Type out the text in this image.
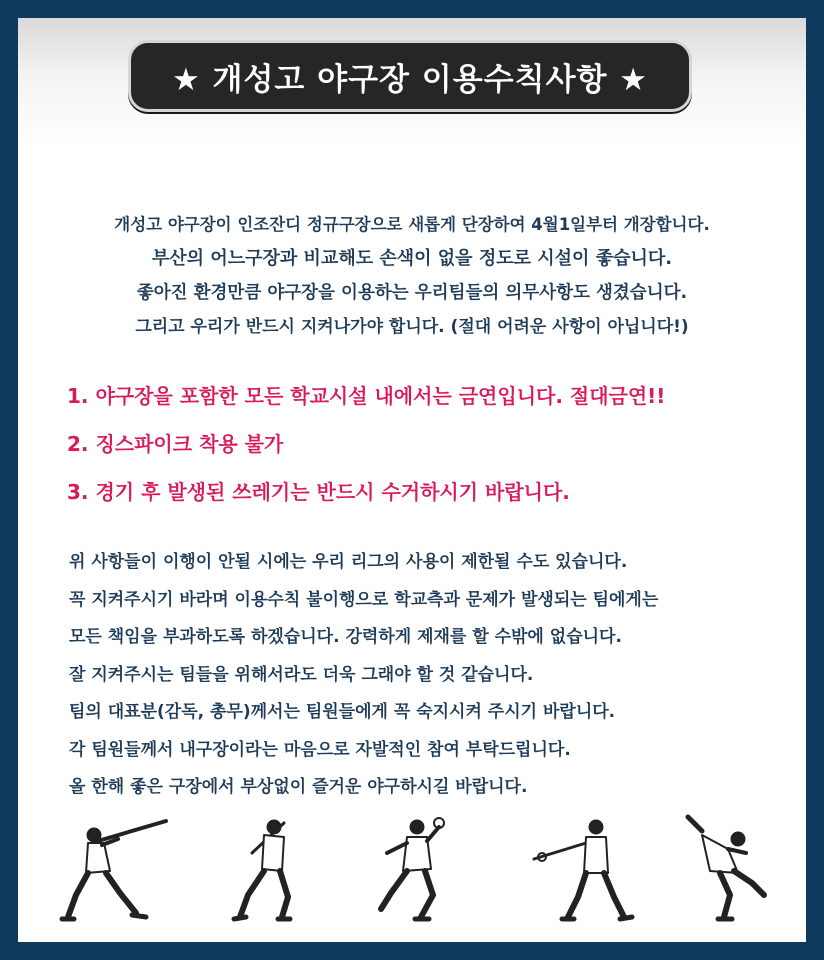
★ 개성고 야구장 이용수칙사항 ★
개성고 야구장이 인조잔디 정규구장으로 새롭게 단장하여 4월1일부터 개장합니다.
부산의 어느구장과 비교해도 손색이 없을 정도로 시설이 좋습니다.
좋아진 환경만큼 야구장을 이용하는 우리팀들의 의무사항도 생겼습니다.
그리고 우리가 반드시 지켜나가야 합니다. (절대 어려운 사항이 아닙니다!)
1. 야구장을 포함한 모든 학교시설 내에서는 금연입니다. 절대금연!!
2. 징스파이크 착용 불가
3. 경기 후 발생된 쓰레기는 반드시 수거하시기 바랍니다.
위 사항들이 이행이 안될 시에는 우리 리그의 사용이 제한될 수도 있습니다.
꼭 지켜주시기 바라며 이용수칙 불이행으로 학교측과 문제가 발생되는 팀에게는
모든 책임을 부과하도록 하겠습니다. 강력하게 제재를 할 수밖에 없습니다.
잘 지켜주시는 팀들을 위해서라도 더욱 그래야 할 것 같습니다.
팀의 대표분(감독, 총무)께서는 팀원들에게 꼭 숙지시켜 주시기 바랍니다.
각 팀원들께서 내구장이라는 마음으로 자발적인 참여 부탁드립니다.
올 한해 좋은 구장에서 부상없이 즐거운 야구하시길 바랍니다.
